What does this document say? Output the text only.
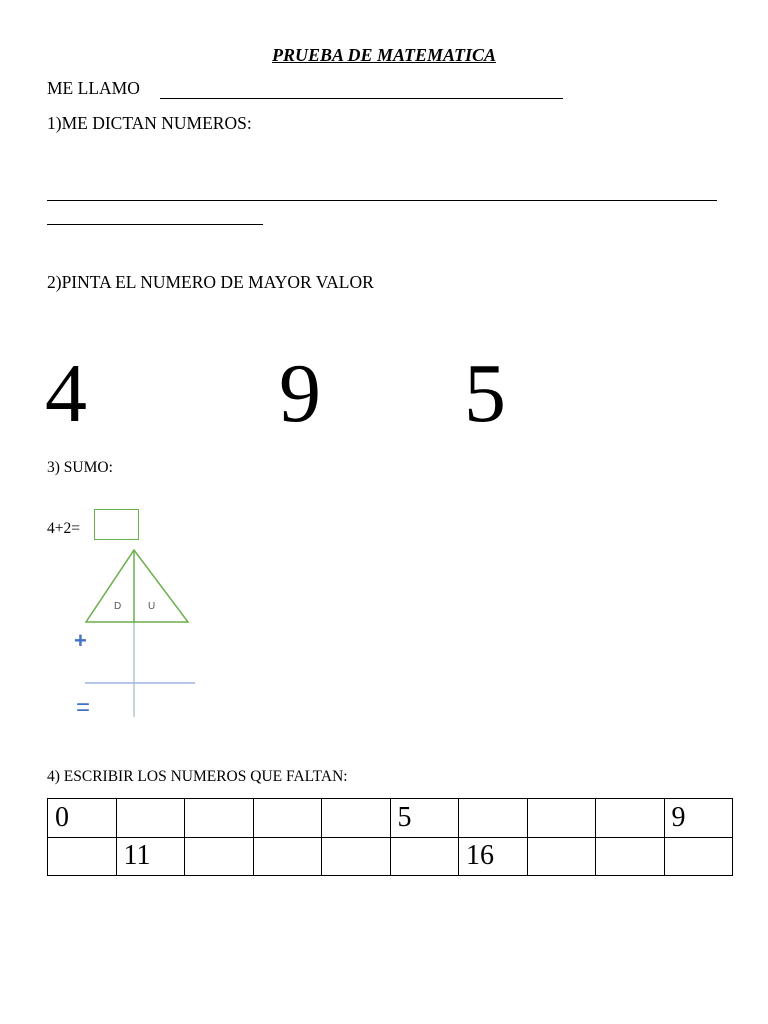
PRUEBA DE MATEMATICA
ME LLAMO
1)ME DICTAN NUMEROS:
2)PINTA EL NUMERO DE MAYOR VALOR
4 9 5
3) SUMO:
4+2=
D	U
+
=
4) ESCRIBIR LOS NUMEROS QUE FALTAN:
0					5				9
	11					16			
